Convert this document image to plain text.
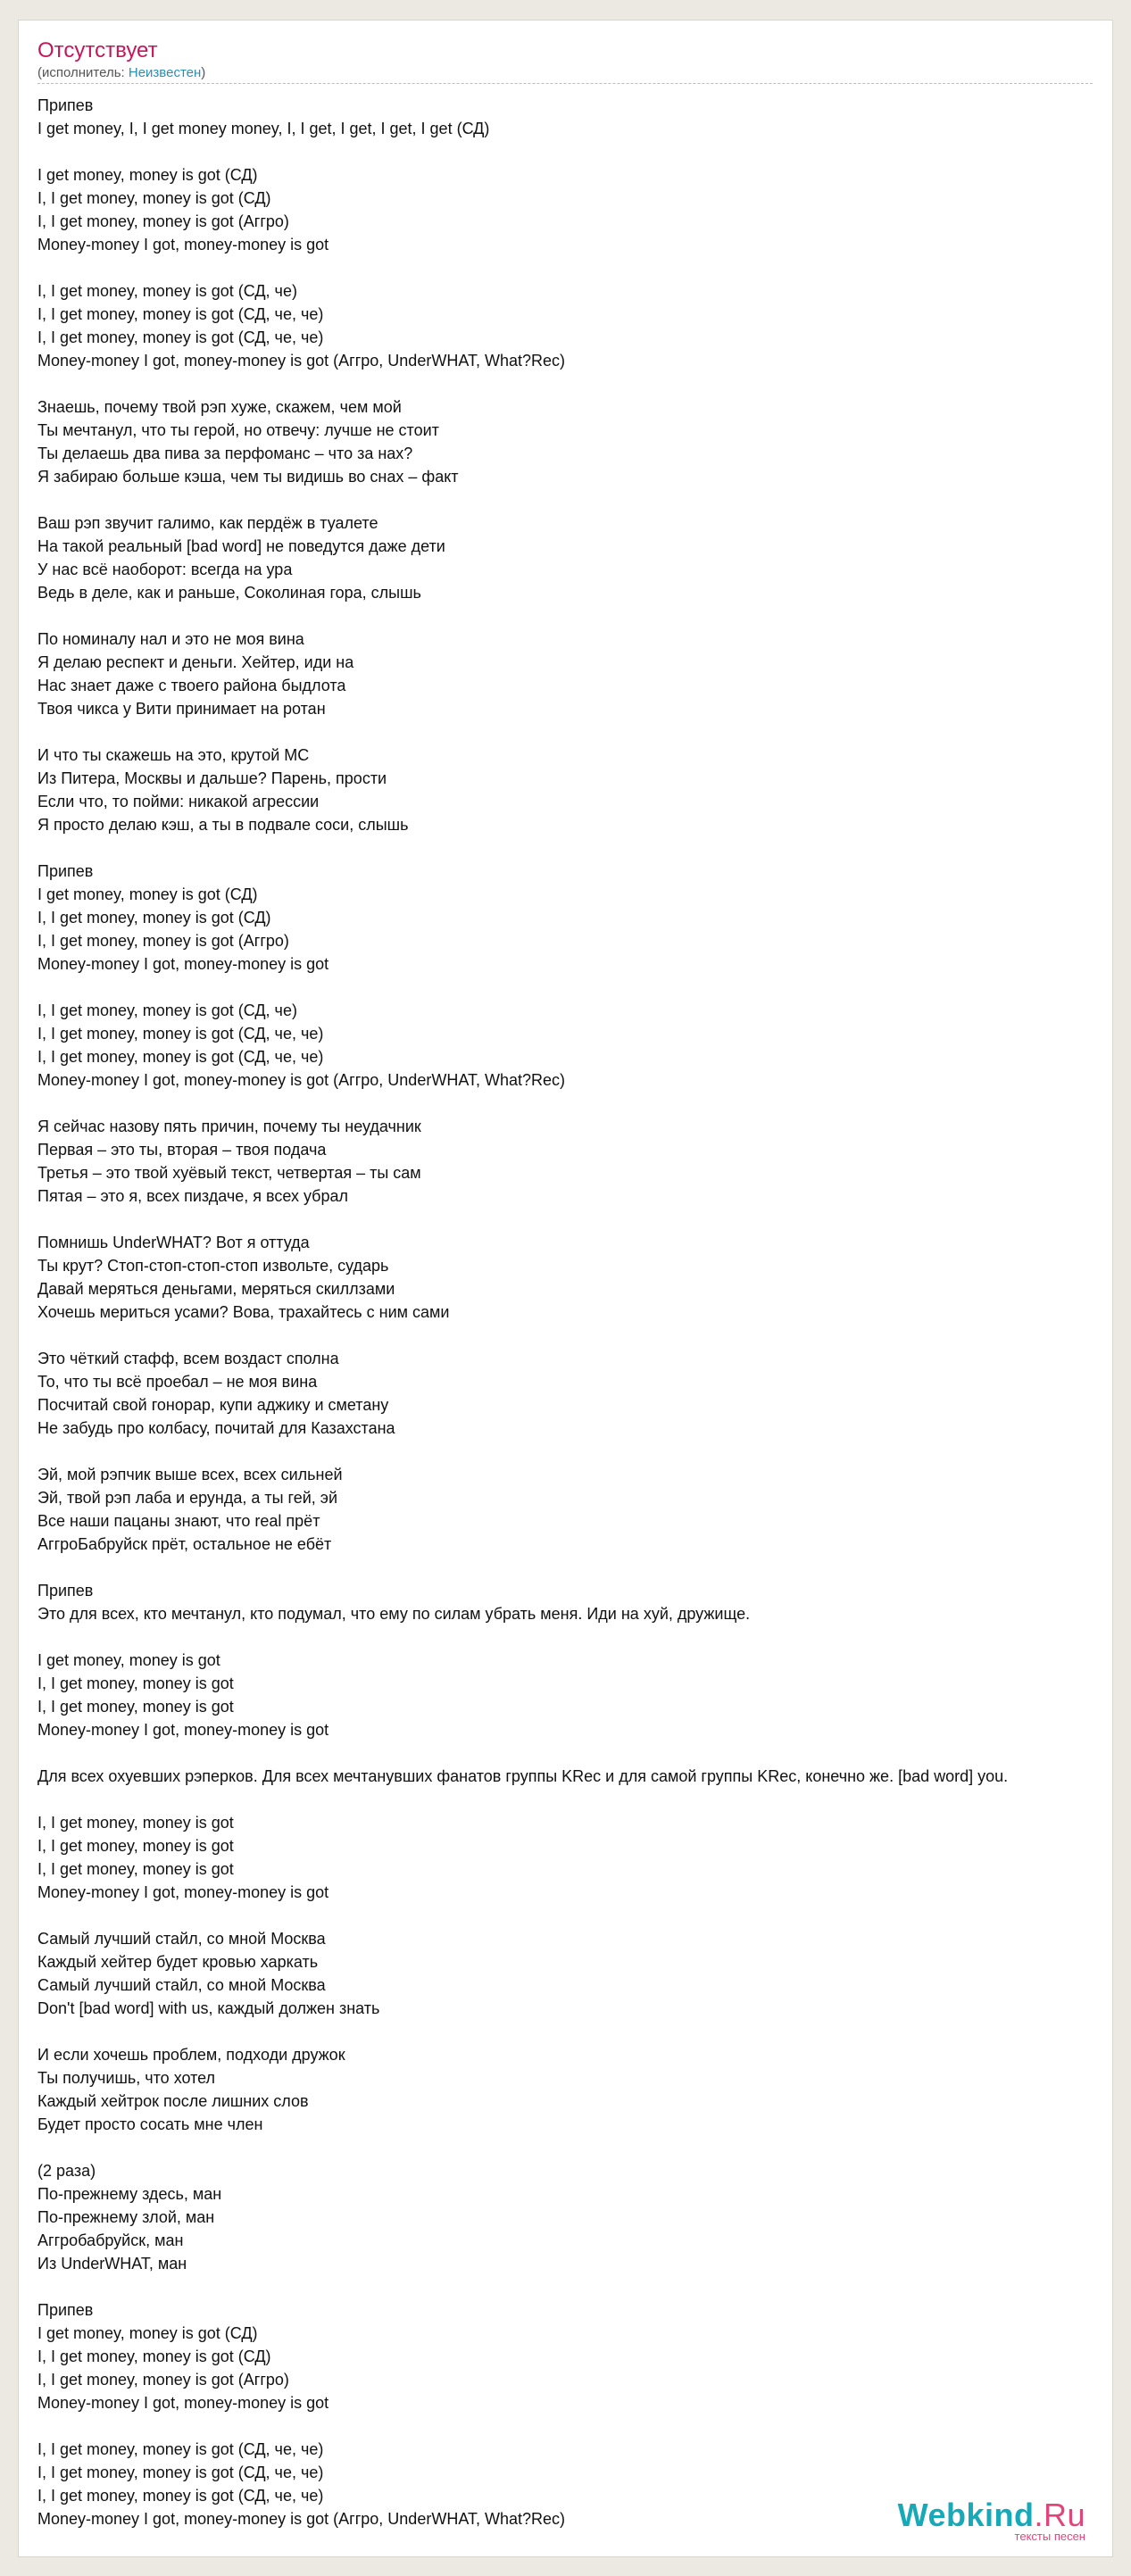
Отсутствует
(исполнитель: Неизвестен)
Припев
I get money, I, I get money money, I, I get, I get, I get, I get (СД)
I get money, money is got (СД)
I, I get money, money is got (СД)
I, I get money, money is got (Аггро)
Money-money I got, money-money is got
I, I get money, money is got (СД, че)
I, I get money, money is got (СД, че, че)
I, I get money, money is got (СД, че, че)
Money-money I got, money-money is got (Аггро, UnderWHAT, What?Rec)
Знаешь, почему твой рэп хуже, скажем, чем мой
Ты мечтанул, что ты герой, но отвечу: лучше не стоит
Ты делаешь два пива за перфоманс – что за нах?
Я забираю больше кэша, чем ты видишь во снах – факт
Ваш рэп звучит галимо, как пердёж в туалете
На такой реальный [bad word] не поведутся даже дети
У нас всё наоборот: всегда на ура
Ведь в деле, как и раньше, Соколиная гора, слышь
По номиналу нал и это не моя вина
Я делаю респект и деньги. Хейтер, иди на
Нас знает даже с твоего района быдлота
Твоя чикса у Вити принимает на ротан
И что ты скажешь на это, крутой МС
Из Питера, Москвы и дальше? Парень, прости
Если что, то пойми: никакой агрессии
Я просто делаю кэш, а ты в подвале соси, слышь
Припев
I get money, money is got (СД)
I, I get money, money is got (СД)
I, I get money, money is got (Аггро)
Money-money I got, money-money is got
I, I get money, money is got (СД, че)
I, I get money, money is got (СД, че, че)
I, I get money, money is got (СД, че, че)
Money-money I got, money-money is got (Аггро, UnderWHAT, What?Rec)
Я сейчас назову пять причин, почему ты неудачник
Первая – это ты, вторая – твоя подача
Третья – это твой хуёвый текст, четвертая – ты сам
Пятая – это я, всех пиздаче, я всех убрал
Помнишь UnderWHAT? Вот я оттуда
Ты крут? Стоп-стоп-стоп-стоп извольте, сударь
Давай меряться деньгами, меряться скиллзами
Хочешь мериться усами? Вова, трахайтесь с ним сами
Это чёткий стафф, всем воздаст сполна
То, что ты всё проебал – не моя вина
Посчитай свой гонорар, купи аджику и сметану
Не забудь про колбасу, почитай для Казахстана
Эй, мой рэпчик выше всех, всех сильней
Эй, твой рэп лаба и ерунда, а ты гей, эй
Все наши пацаны знают, что real прёт
АггроБабруйск прёт, остальное не ебёт
Припев
Это для всех, кто мечтанул, кто подумал, что ему по силам убрать меня. Иди на хуй, дружище.
I get money, money is got
I, I get money, money is got
I, I get money, money is got
Money-money I got, money-money is got
Для всех охуевших рэперков. Для всех мечтанувших фанатов группы KRec и для самой группы KRec, конечно же. [bad word] you.
I, I get money, money is got
I, I get money, money is got
I, I get money, money is got
Money-money I got, money-money is got
Самый лучший стайл, со мной Москва
Каждый хейтер будет кровью харкать
Самый лучший стайл, со мной Москва
Don't [bad word] with us, каждый должен знать
И если хочешь проблем, подходи дружок
Ты получишь, что хотел
Каждый хейтрок после лишних слов
Будет просто сосать мне член
(2 раза)
По-прежнему здесь, ман
По-прежнему злой, ман
Аггробабруйск, ман
Из UnderWHAT, ман
Припев
I get money, money is got (СД)
I, I get money, money is got (СД)
I, I get money, money is got (Аггро)
Money-money I got, money-money is got
I, I get money, money is got (СД, че, че)
I, I get money, money is got (СД, че, че)
I, I get money, money is got (СД, че, че)
Money-money I got, money-money is got (Аггро, UnderWHAT, What?Rec)	Webkind.Ru
тексты песен
